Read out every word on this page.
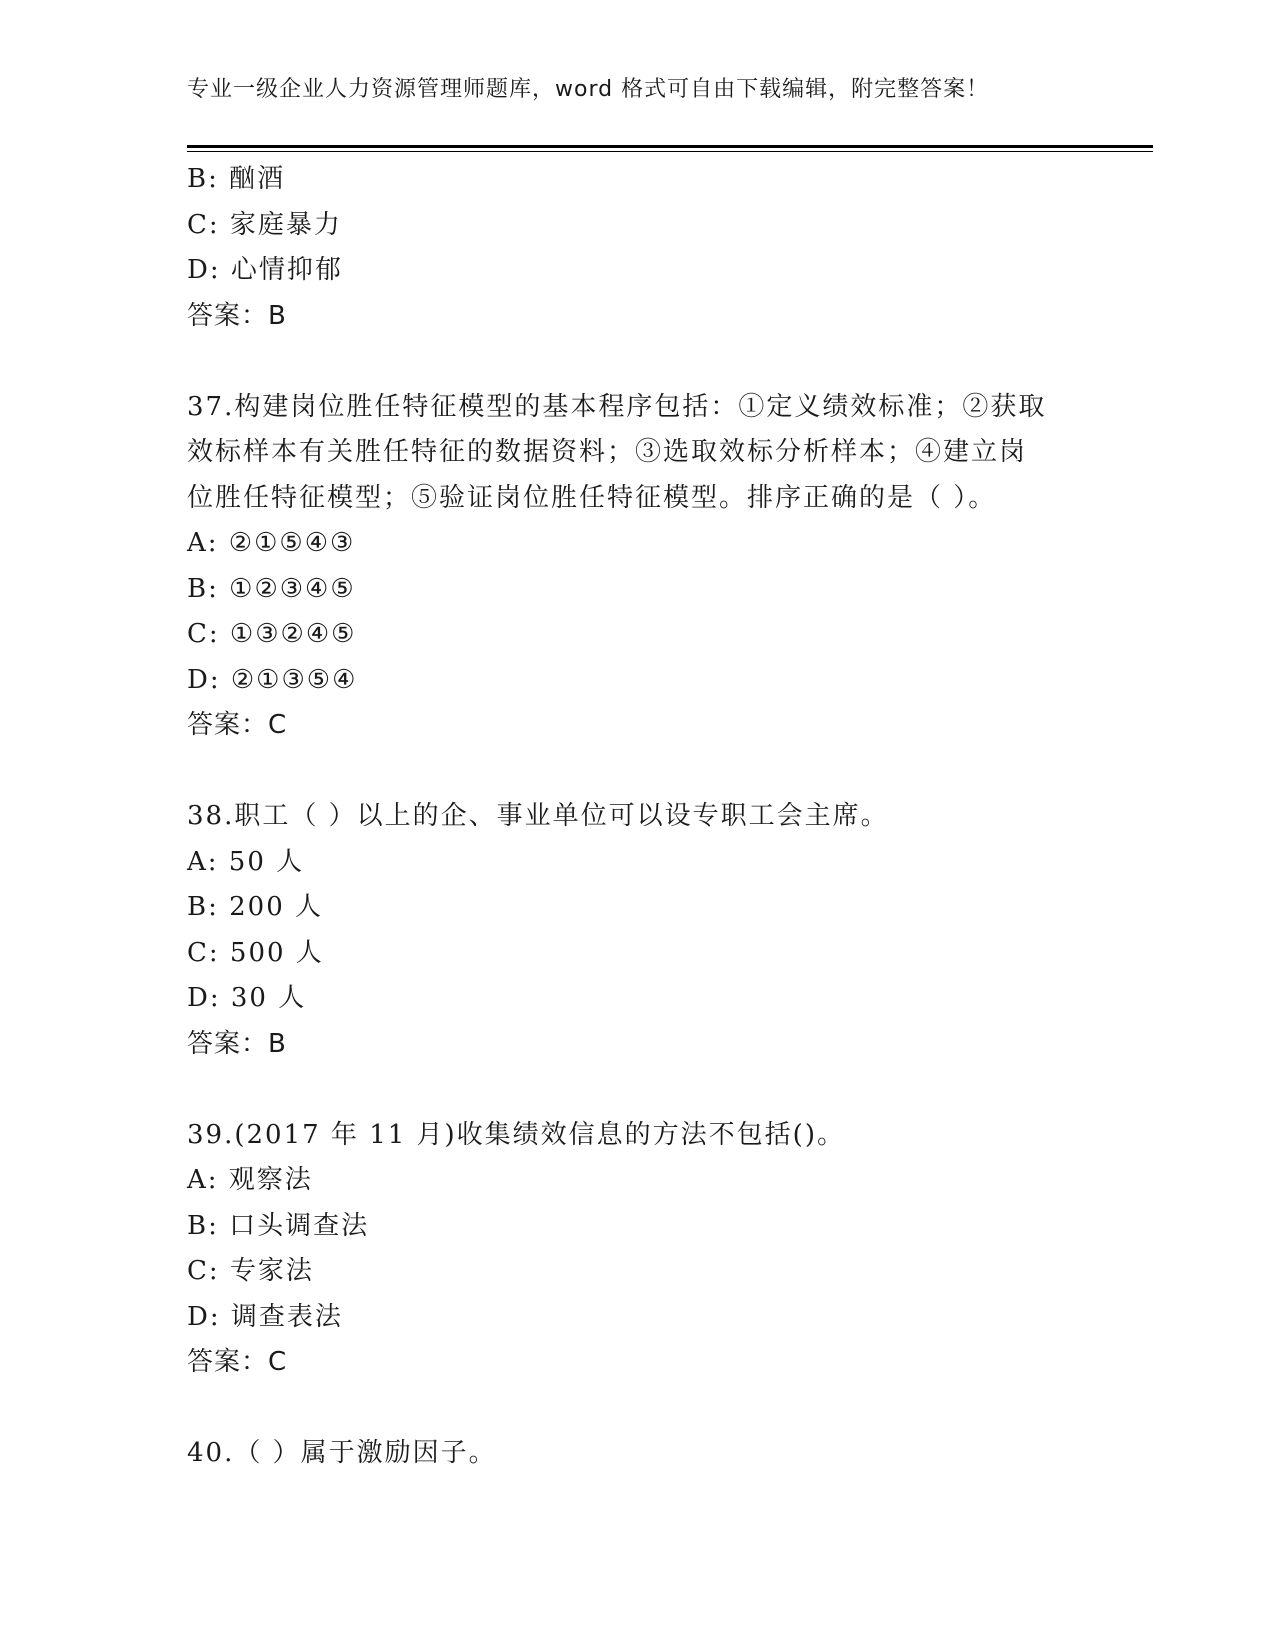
专业一级企业人力资源管理师题库，word 格式可自由下载编辑，附完整答案！
B: 酗酒
C: 家庭暴力
D: 心情抑郁
答案：B
37.构建岗位胜任特征模型的基本程序包括：①定义绩效标准；②获取
效标样本有关胜任特征的数据资料；③选取效标分析样本；④建立岗
位胜任特征模型；⑤验证岗位胜任特征模型。排序正确的是（ ）。
A: ②①⑤④③
B: ①②③④⑤
C: ①③②④⑤
D: ②①③⑤④
答案：C
38.职工（ ）以上的企、事业单位可以设专职工会主席。
A: 50 人
B: 200 人
C: 500 人
D: 30 人
答案：B
39.(2017 年 11 月)收集绩效信息的方法不包括()。
A: 观察法
B: 口头调查法
C: 专家法
D: 调查表法
答案：C
40.（ ）属于激励因子。
